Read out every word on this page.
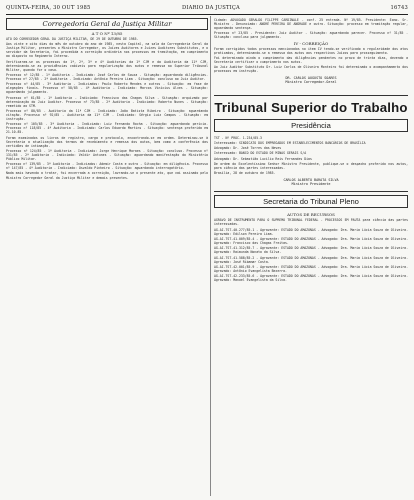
QUINTA-FEIRA, 30 OUT 1985	DIARIO DA JUSTIÇA	16743
Corregedoria Geral da Justiça Militar
A T O Nº 13/85

ATO DO CORREGEDOR GERAL DA JUSTIÇA MILITAR, DE 29 DE OUTUBRO DE 1985.

Aos vinte e oito dias do mês de outubro do ano de 1985, nesta Capital, na sala da Corregedoria Geral da Justiça Militar, presentes o Ministro Corregedor, os Juízes Auditores e Juízes Auditores Substitutos, e o servidor da Secretaria, foi procedida a correição ordinária nos processos em tramitação, em cumprimento ao disposto no Regimento Interno.

Verificaram-se os processos da 1ª, 2ª, 3ª e 4ª Auditorias da 1ª CJM e da Auditoria da 11ª CJM, determinando-se as providências cabíveis para regularização dos autos e remessa ao Superior Tribunal Militar, quando for o caso.

Processo nº 12/85 - 1ª Auditoria - Indiciado: José Carlos de Souza - Situação: aguardando diligências. Processo nº 27/85 - 2ª Auditoria - Indiciado: Antônio Pereira Lima - Situação: concluso ao Juiz Auditor.

Processo nº 44/85 - 3ª Auditoria - Indiciados: Paulo Roberto Mendes e outros - Situação: em fase de alegações finais. Processo nº 58/85 - 4ª Auditoria - Indiciado: Marcos Vinícius Alves - Situação: aguardando julgamento.

Processo nº 61/85 - 1ª Auditoria - Indiciado: Francisco das Chagas Silva - Situação: arquivado por determinação do Juiz Auditor. Processo nº 73/85 - 2ª Auditoria - Indiciado: Roberto Nunes - Situação: remetido ao STM.

Processo nº 80/85 - Auditoria da 11ª CJM - Indiciado: João Batista Ribeiro - Situação: aguardando citação. Processo nº 92/85 - Auditoria da 11ª CJM - Indiciado: Sérgio Luiz Campos - Situação: em instrução.

Processo nº 105/85 - 3ª Auditoria - Indiciado: Luiz Fernando Rocha - Situação: aguardando perícia. Processo nº 118/85 - 4ª Auditoria - Indiciado: Carlos Eduardo Martins - Situação: sentença proferida em 21.10.85.

Foram examinados os livros de registro, carga e protocolo, encontrando-se em ordem. Determinou-se à Secretaria a atualização dos termos de recebimento e remessa dos autos, bem como a conferência das certidões de intimação.

Processo nº 124/85 - 1ª Auditoria - Indiciado: Jorge Henrique Moraes - Situação: concluso. Processo nº 131/85 - 2ª Auditoria - Indiciado: Valdir Antunes - Situação: aguardando manifestação do Ministério Público Militar.

Processo nº 139/85 - 3ª Auditoria - Indiciados: Ademir Costa e outro - Situação: em diligência. Processo nº 147/85 - 4ª Auditoria - Indiciado: Osvaldo Pinheiro - Situação: aguardando interrogatório.

Nada mais havendo a tratar, foi encerrada a correição, lavrando-se o presente ato, que vai assinado pelo Ministro Corregedor Geral da Justiça Militar e demais presentes.

Cidade: ADVOGADO GERALDO FILIPPE CARDINALE - conf. 25 entrada. Nº 19/85. Presidente: Exmo. Sr. Ministro - Denunciado: ANDRÉ PEREIRA DE ANDRADE e outro. Situação: processo em tramitação regular, aguardando sentença.

Processo nº 23/85 - Presidente: Juiz Auditor - Situação: aguardando parecer. Processo nº 31/85 - Situação: concluso para julgamento.

IV - CORREIÇÃO

Foram corrigidos todos processos mencionados no item IV tendo-se verificado a regularidade dos atos praticados, determinando-se a remessa dos autos aos respectivos Juízos para prosseguimento.

Foi determinado ainda o cumprimento das diligências pendentes no prazo de trinta dias, devendo a Secretaria certificar o cumprimento nos autos.

Ao Juiz Auditor Substituto Dr. Luiz Carlos de Oliveira Monteiro foi determinado o acompanhamento dos processos em instrução.

DR. CARLOS AUGUSTO SOARES
Ministro Corregedor-Geral
Tribunal Superior do Trabalho
Presidência

TST - Nº PROC. 1.234/85.3

Interessado: SINDICATO DOS EMPREGADOS EM ESTABELECIMENTOS BANCÁRIOS DE BRASÍLIA

Advogado: Dr. José Torres das Neves

Interessado: BANCO DO ESTADO DE MINAS GERAIS S/A

Advogado: Dr. Sebastião Lucilio Reis Fernandes Dias

De ordem do Excelentíssimo Senhor Ministro Presidente, publique-se o despacho proferido nos autos, para ciência das partes interessadas.

Brasília, 28 de outubro de 1985.

CARLOS ALBERTO BARATA SILVA
Ministro Presidente
Secretaria do Tribunal Pleno
AUTOS DE RECURSOS

AGRAVO DE INSTRUMENTO PARA O SUPREMO TRIBUNAL FEDERAL - PROCESSOS EM PAUTA para ciência das partes interessadas.

AG-AI-TST-40.277/85.1 - Agravante: ESTADO DO AMAZONAS - Advogado: Dra. Maria Lúcia Souza de Oliveira. Agravado: Edilson Pereira Lima.

AG-AI-TST-41.009/85.4 - Agravante: ESTADO DO AMAZONAS - Advogado: Dra. Maria Lúcia Souza de Oliveira. Agravado: Francisco das Chagas Freitas.

AG-AI-TST-41.312/85.7 - Agravante: ESTADO DO AMAZONAS - Advogado: Dra. Maria Lúcia Souza de Oliveira. Agravado: Raimunda Nonato da Silva.

AG-AI-TST-41.588/85.2 - Agravante: ESTADO DO AMAZONAS - Advogado: Dra. Maria Lúcia Souza de Oliveira. Agravado: José Ribamar Costa.

AG-AI-TST-42.001/85.9 - Agravante: ESTADO DO AMAZONAS - Advogado: Dra. Maria Lúcia Souza de Oliveira. Agravado: Antônio Evangelista Bezerra.

AG-AI-TST-42.233/85.6 - Agravante: ESTADO DO AMAZONAS - Advogado: Dra. Maria Lúcia Souza de Oliveira. Agravado: Manoel Evangelista da Silva.
